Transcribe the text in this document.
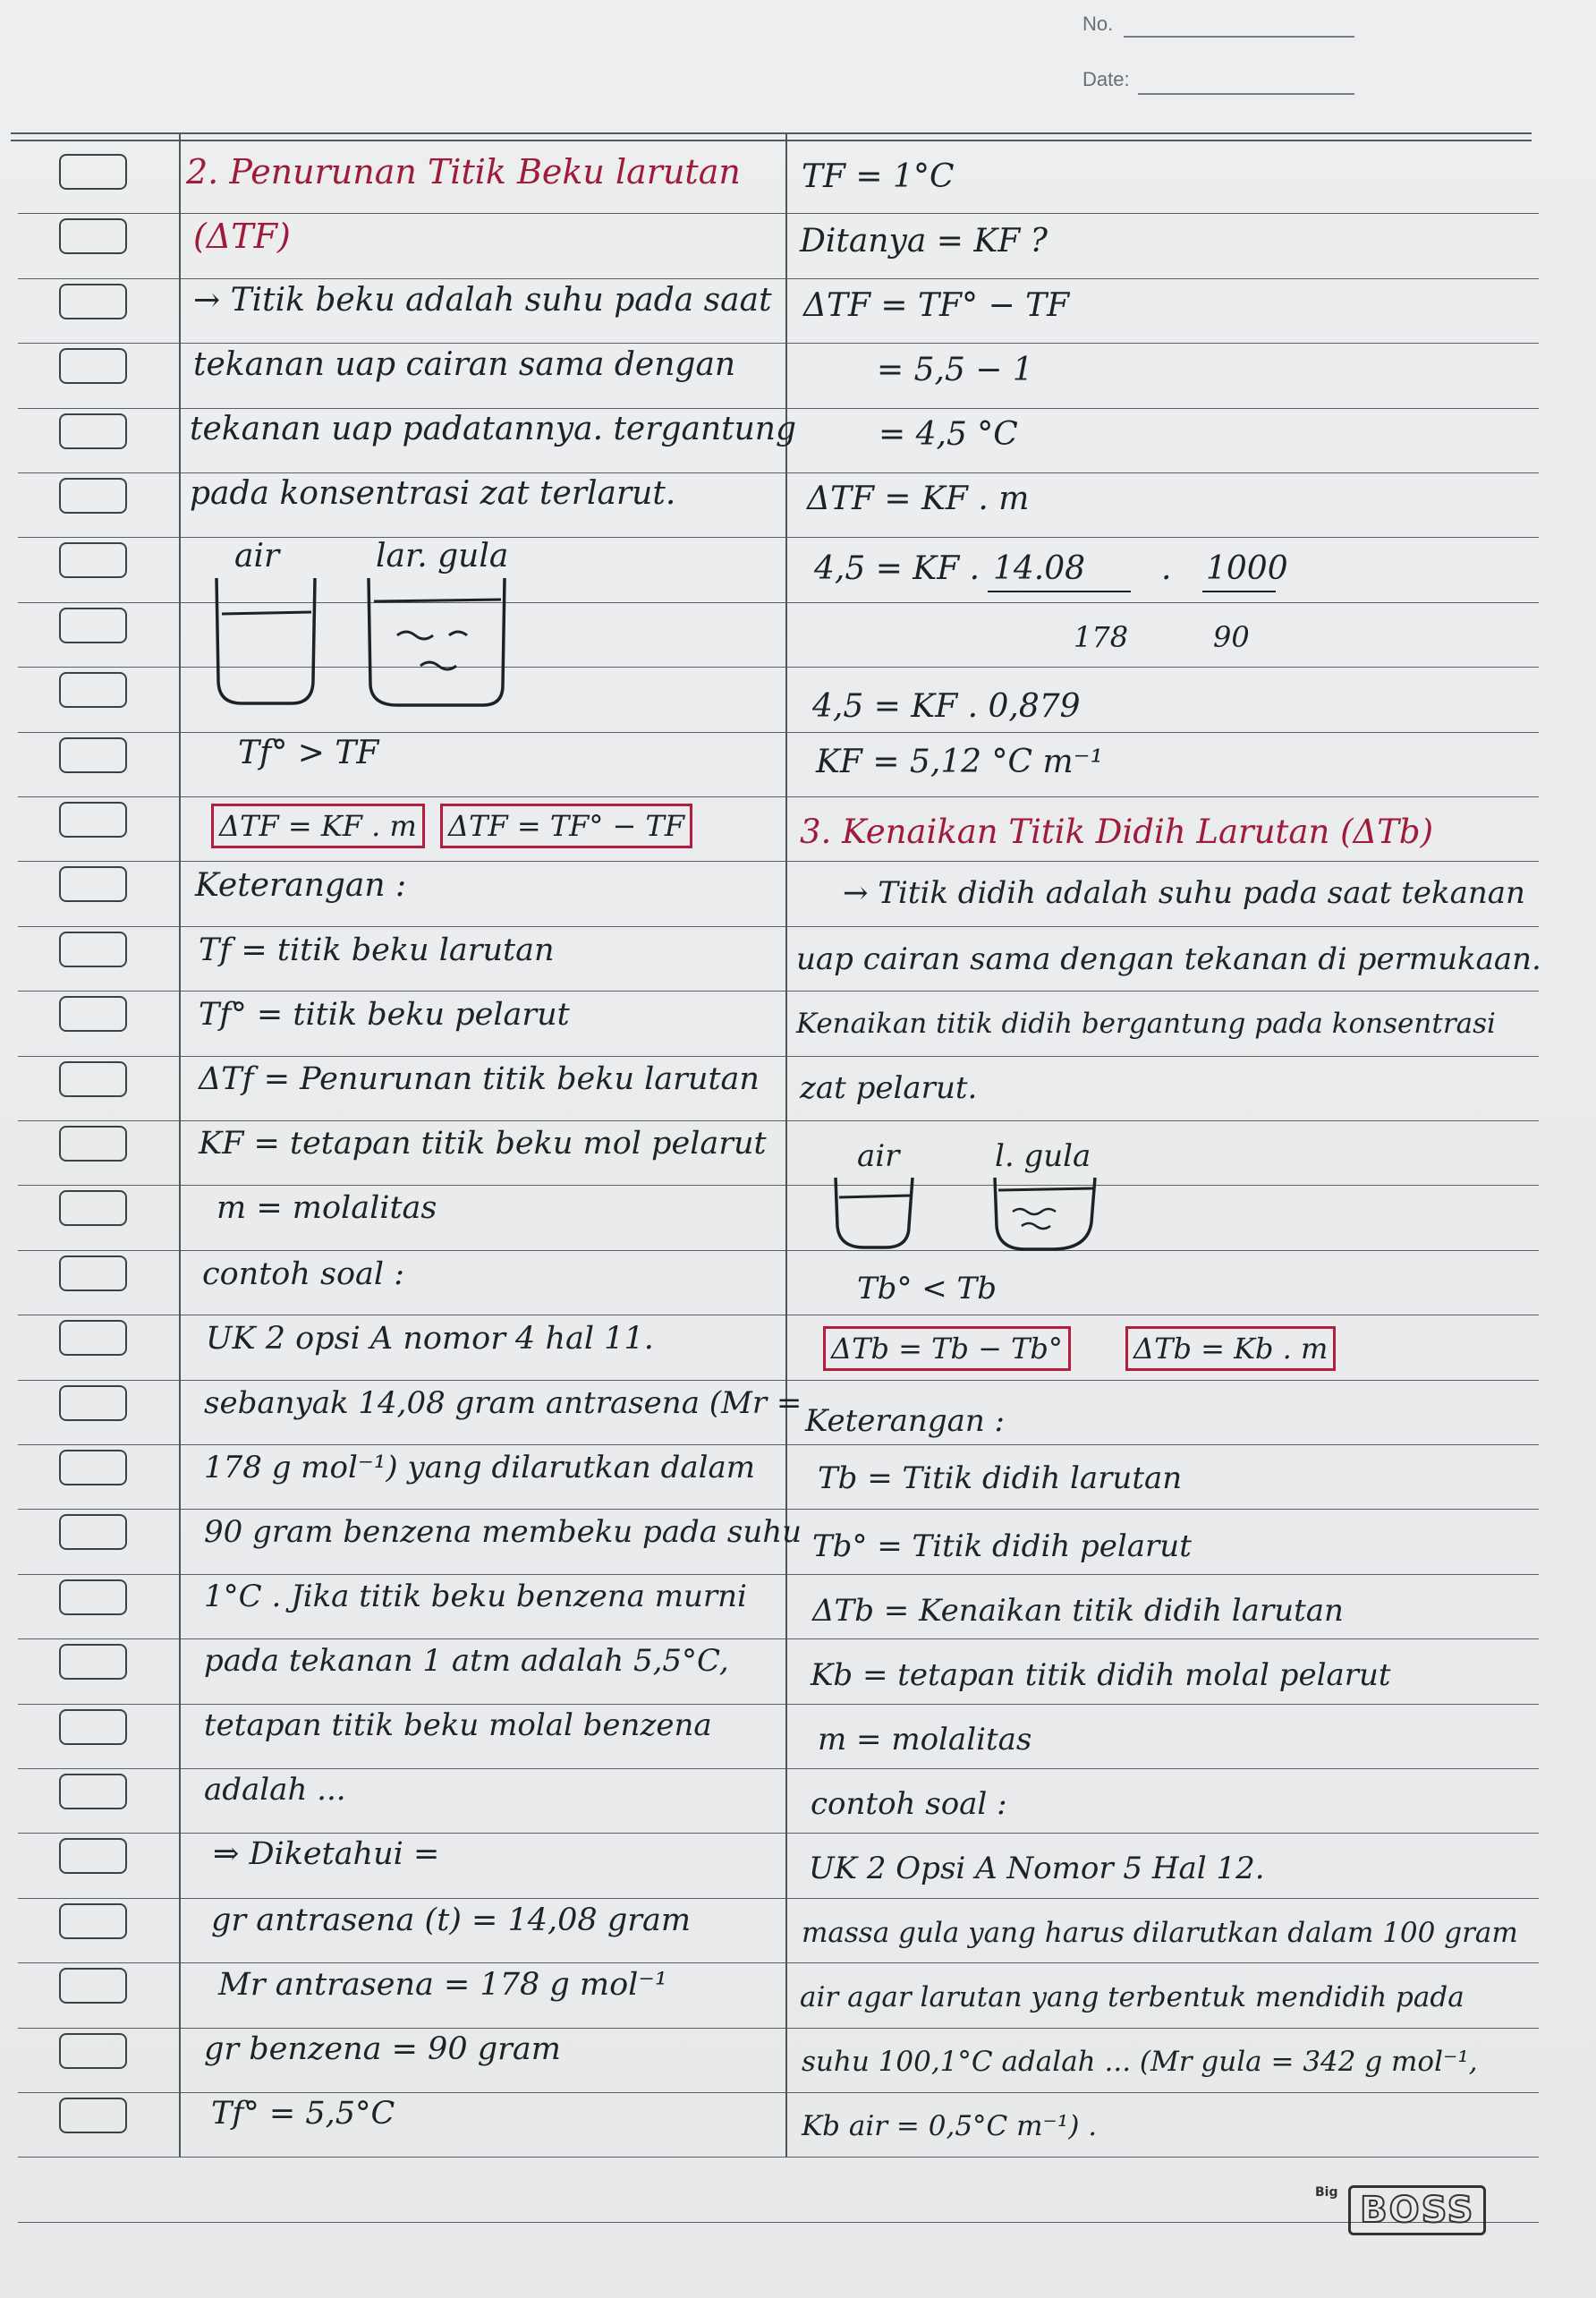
No.
Date:
2. Penurunan Titik Beku larutan
(ΔTF)
→ Titik beku adalah suhu pada saat
tekanan uap cairan sama dengan
tekanan uap padatannya. tergantung
pada konsentrasi zat terlarut.
air	lar. gula
Tf° > TF
ΔTF = KF . m ΔTF = TF° − TF
Keterangan :
Tf = titik beku larutan
Tf° = titik beku pelarut
ΔTf = Penurunan titik beku larutan
KF = tetapan titik beku mol pelarut
m = molalitas
contoh soal :
UK 2 opsi A nomor 4 hal 11.
sebanyak 14,08 gram antrasena (Mr =
178 g mol⁻¹) yang dilarutkan dalam
90 gram benzena membeku pada suhu
1°C . Jika titik beku benzena murni
pada tekanan 1 atm adalah 5,5°C,
tetapan titik beku molal benzena
adalah ...
⇒ Diketahui =
gr antrasena (t) = 14,08 gram
Mr antrasena = 178 g mol⁻¹
gr benzena = 90 gram
Tf° = 5,5°C
TF = 1°C
Ditanya = KF ?
ΔTF = TF° − TF
= 5,5 − 1
= 4,5 °C
ΔTF = KF . m
4,5 = KF . 14.08
178
. 1000
90
4,5 = KF . 0,879
KF = 5,12 °C m⁻¹
3. Kenaikan Titik Didih Larutan (ΔTb)
→ Titik didih adalah suhu pada saat tekanan
uap cairan sama dengan tekanan di permukaan.
Kenaikan titik didih bergantung pada konsentrasi
zat pelarut.
air	l. gula
Tb° < Tb
ΔTb = Tb − Tb° ΔTb = Kb . m
Keterangan :
Tb = Titik didih larutan
Tb° = Titik didih pelarut
ΔTb = Kenaikan titik didih larutan
Kb = tetapan titik didih molal pelarut
m = molalitas
contoh soal :
UK 2 Opsi A Nomor 5 Hal 12.
massa gula yang harus dilarutkan dalam 100 gram
air agar larutan yang terbentuk mendidih pada
suhu 100,1°C adalah ... (Mr gula = 342 g mol⁻¹,
Kb air = 0,5°C m⁻¹) .
Big BOSS
